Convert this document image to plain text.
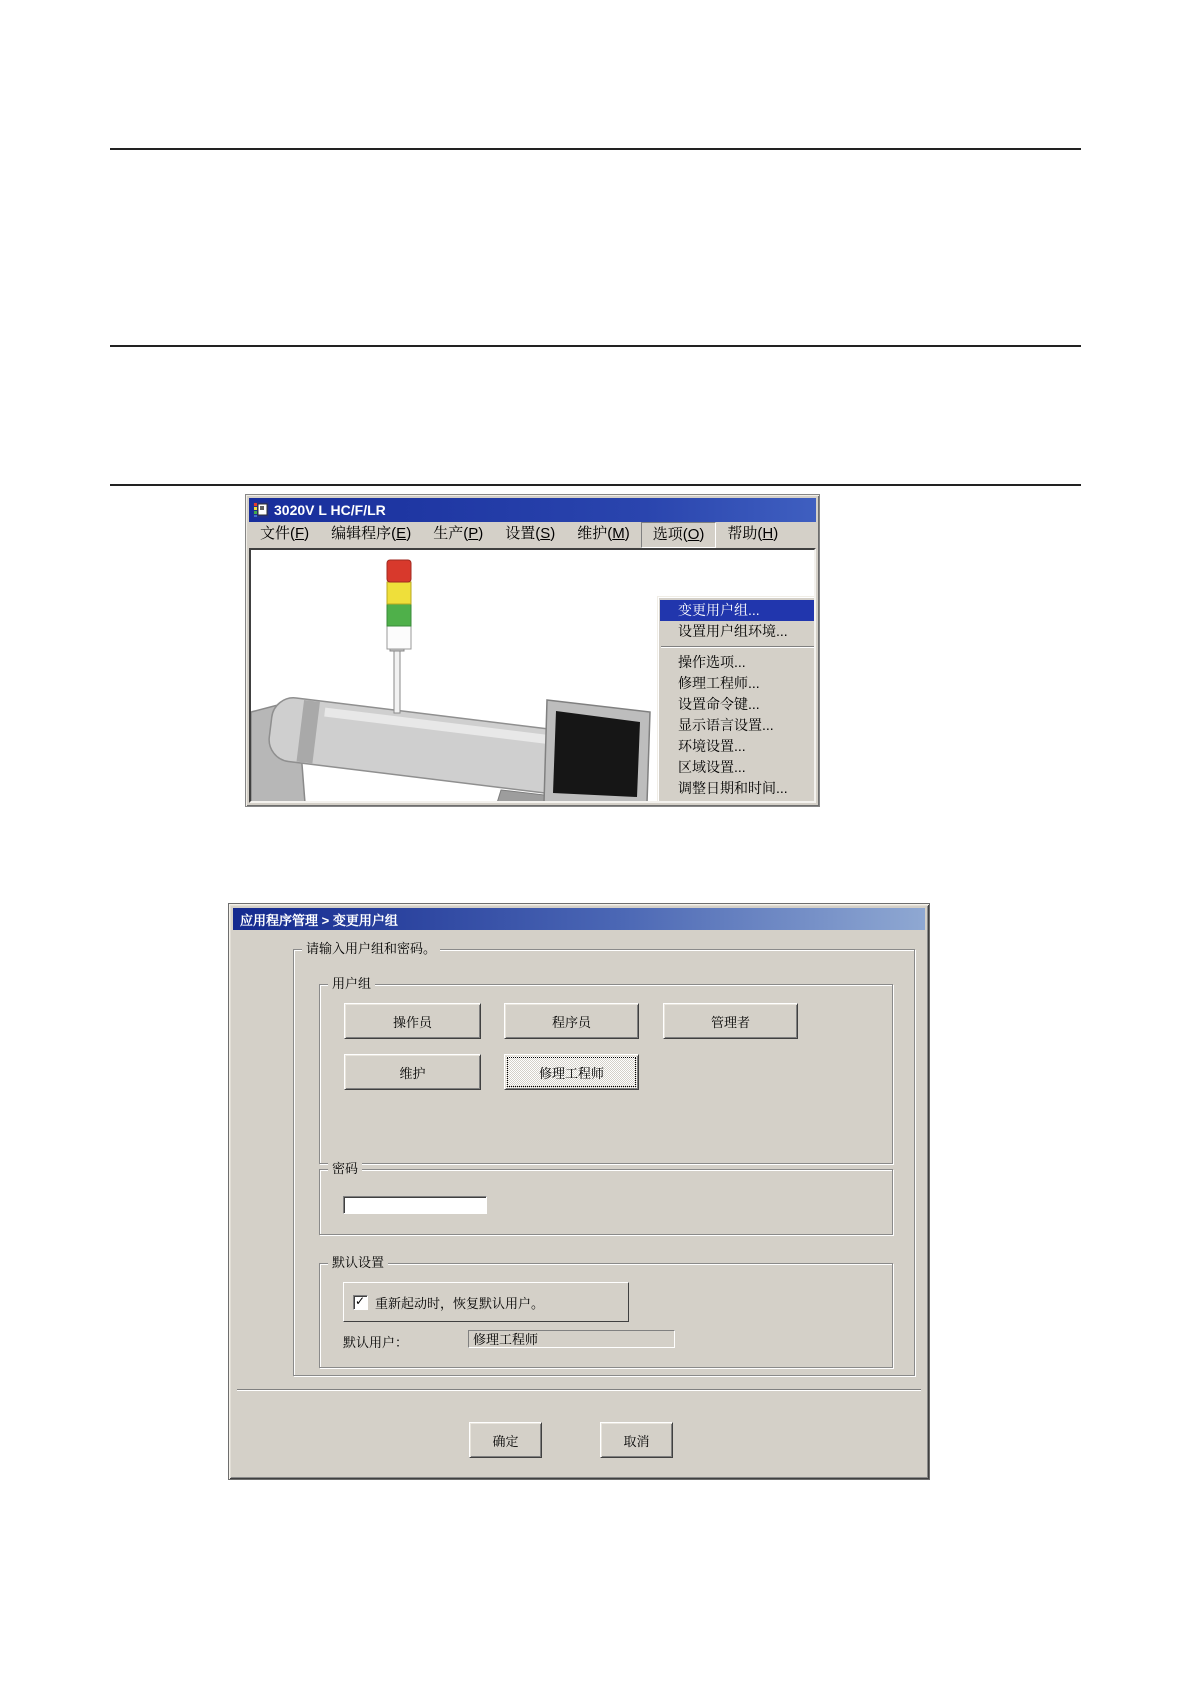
3020V L HC/F/LR
文件(F)	编辑程序(E)	生产(P)	设置(S)	维护(M)	选项(O)	帮助(H)
变更用户组...
设置用户组环境...
操作选项...
修理工程师...
设置命令键...
显示语言设置...
环境设置...
区域设置...
调整日期和时间...
应用程序管理 > 变更用户组
请输入用户组和密码。
用户组
操作员	程序员	管理者
维护	修理工程师
密码
默认设置
✓ 重新起动时，恢复默认用户。
默认用户：	修理工程师
确定	取消
